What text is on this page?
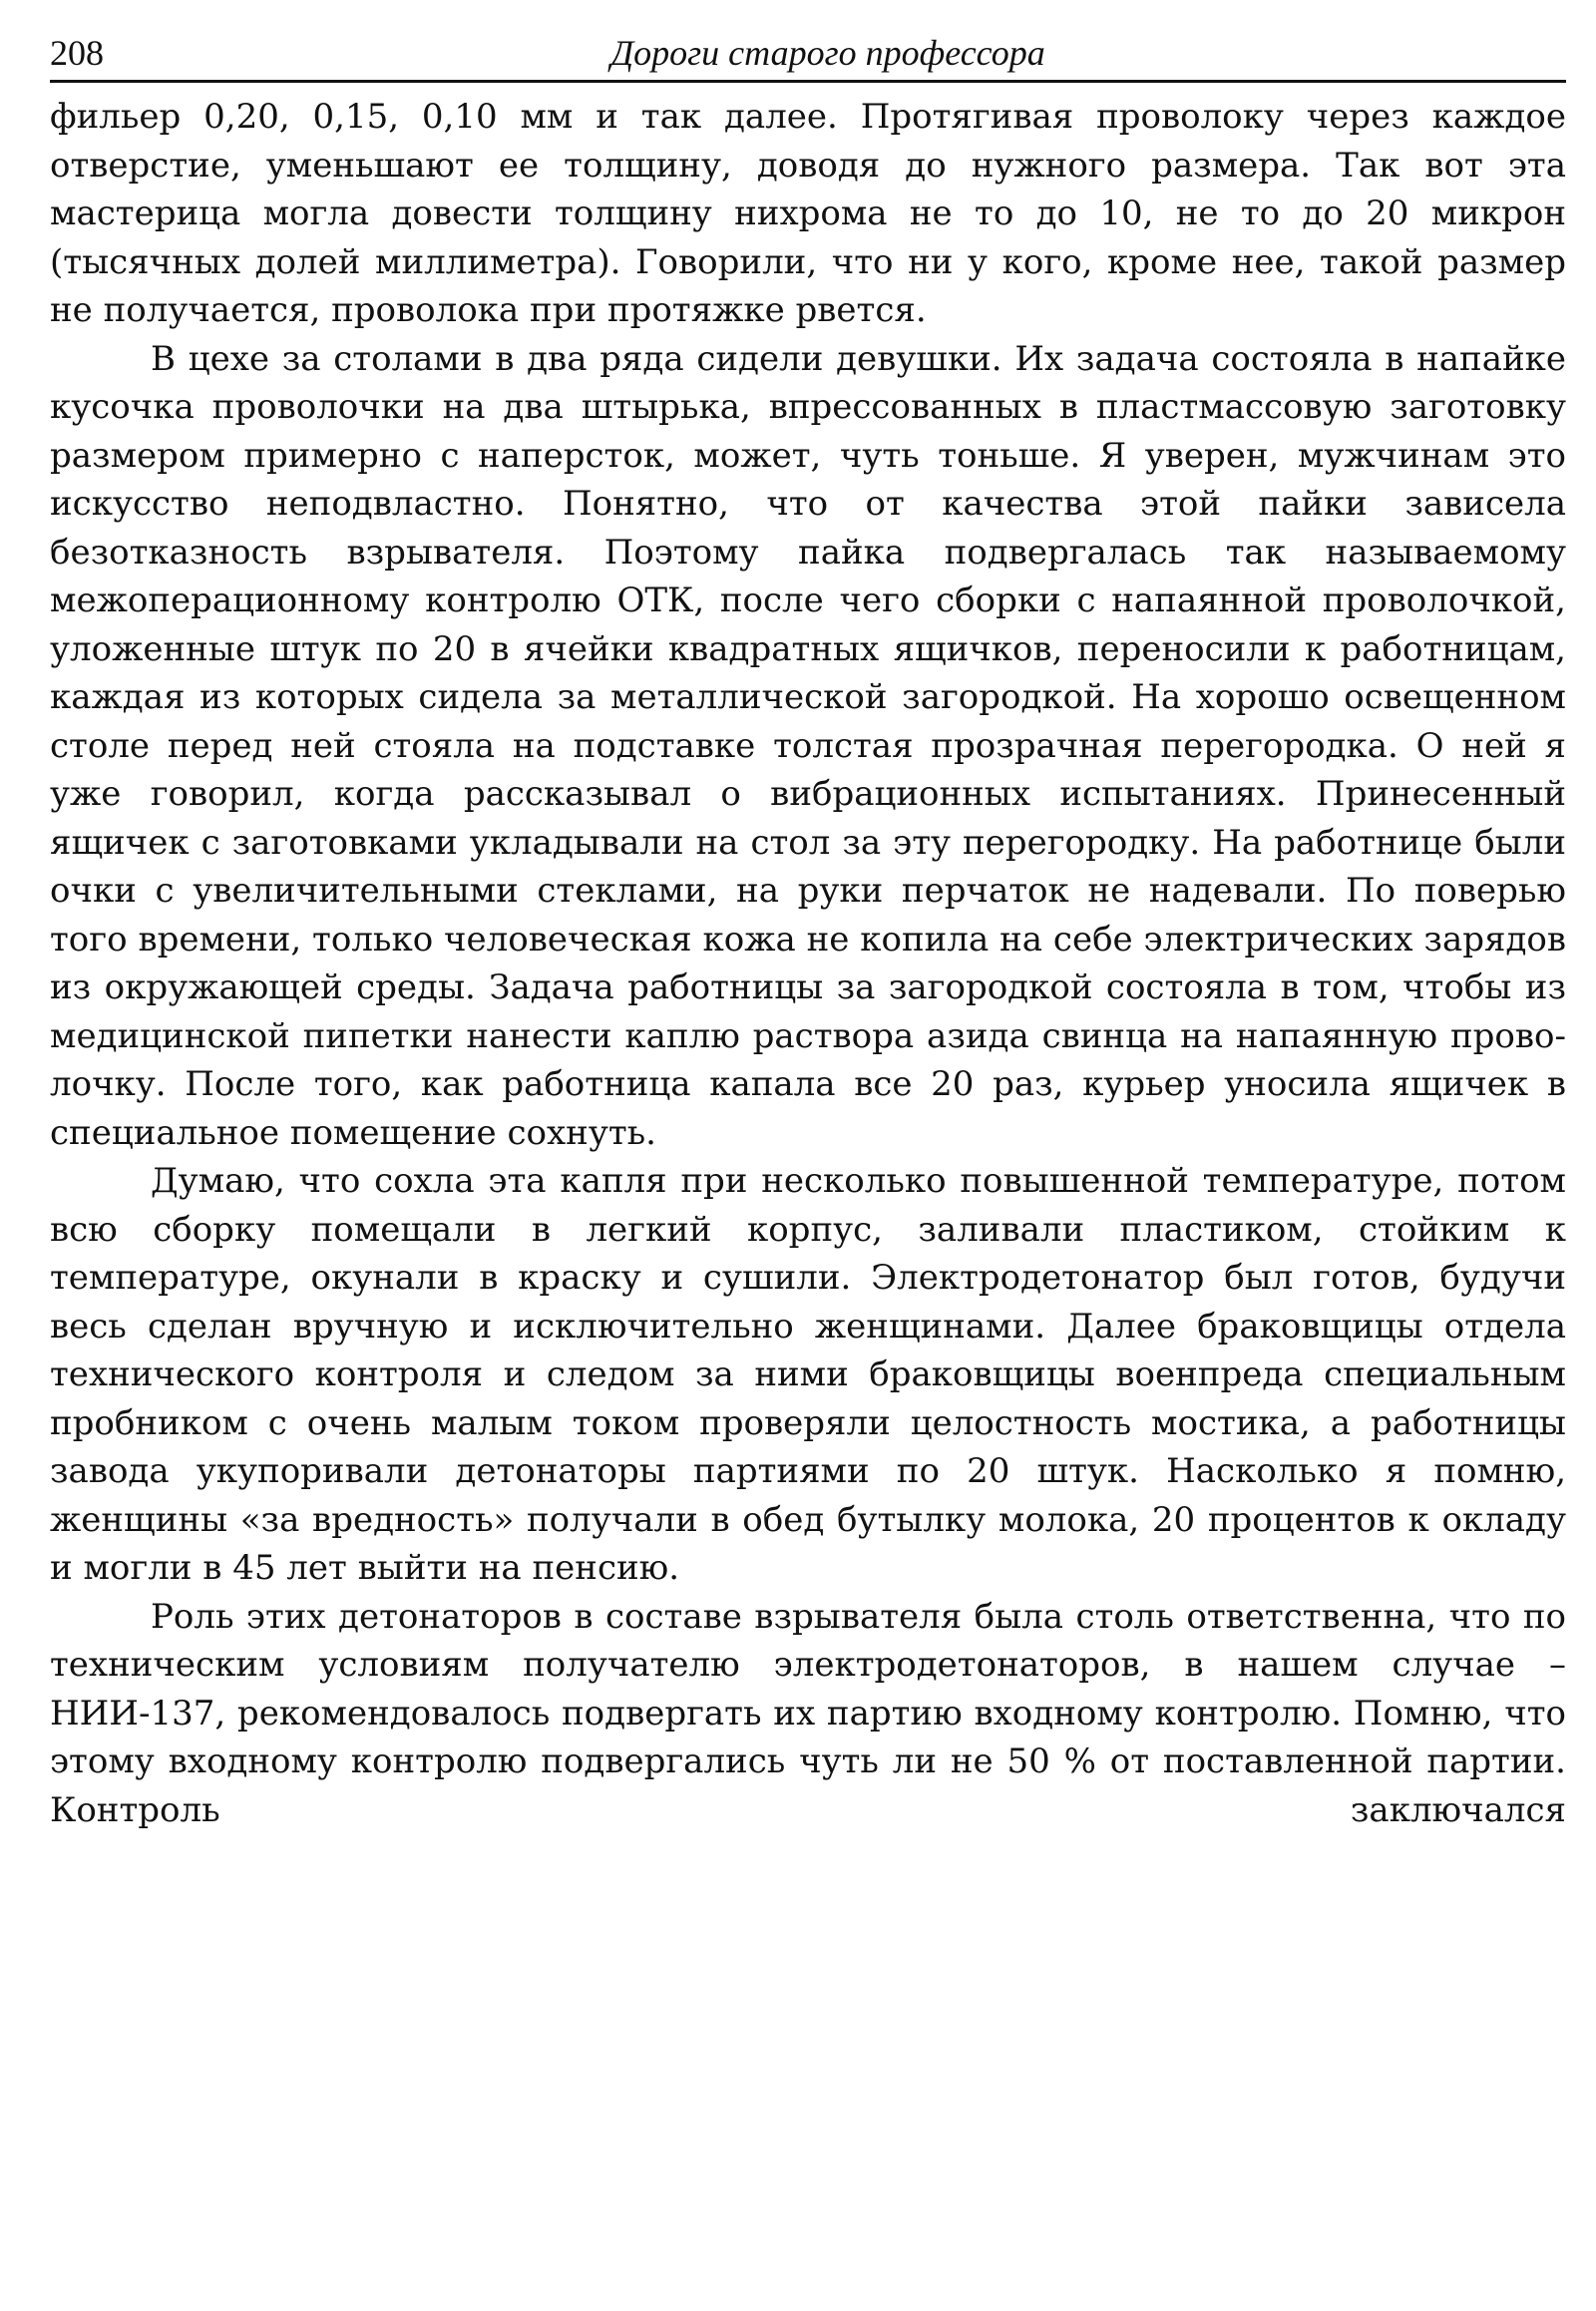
208	Дороги старого профессора

фильер 0,20, 0,15, 0,10 мм и так далее. Протягивая проволоку через каждое отверстие, уменьшают ее толщину, доводя до нужного размера. Так вот эта мастерица могла довести толщину нихрома не то до 10, не то до 20 микрон (тысячных долей миллиметра). Говорили, что ни у кого, кроме нее, такой размер не получается, проволока при протяжке рвется.

В цехе за столами в два ряда сидели девушки. Их задача состояла в напайке кусочка проволочки на два штырька, впрессованных в пластмассовую заготовку размером примерно с наперсток, может, чуть тоньше. Я уверен, мужчинам это искусство неподвластно. Понятно, что от качества этой пайки зависела безотказность взрывателя. Поэтому пайка подвергалась так называемому межоперационному контролю ОТК, после чего сборки с напаянной проволочкой, уложенные штук по 20 в ячейки квадратных ящичков, переносили к работницам, каждая из которых сидела за металлической загородкой. На хорошо освещенном столе перед ней стояла на подставке толстая прозрачная перегородка. О ней я уже говорил, когда рассказывал о вибрационных испытаниях. Принесенный ящичек с заготовками укладывали на стол за эту перегородку. На работнице были очки с увеличительными стеклами, на руки перчаток не надевали. По поверью того времени, только человеческая кожа не копила на себе электрических зарядов из окружающей среды. Задача работницы за загородкой состояла в том, чтобы из медицинской пипетки нанести каплю раствора азида свинца на напаянную проволочку. После того, как работница капала все 20 раз, курьер уносила ящичек в специальное помещение сохнуть.

Думаю, что сохла эта капля при несколько повышенной температуре, потом всю сборку помещали в легкий корпус, заливали пластиком, стойким к температуре, окунали в краску и сушили. Электродетонатор был готов, будучи весь сделан вручную и исключительно женщинами. Далее браковщицы отдела технического контроля и следом за ними браковщицы военпреда специальным пробником с очень малым током проверяли целостность мостика, а работницы завода укупоривали детонаторы партиями по 20 штук. Насколько я помню, женщины «за вредность» получали в обед бутылку молока, 20 процентов к окладу и могли в 45 лет выйти на пенсию.

Роль этих детонаторов в составе взрывателя была столь ответственна, что по техническим условиям получателю электродетонаторов, в нашем случае – НИИ-137, рекомендовалось подвергать их партию входному контролю. Помню, что этому входному контролю подвергались чуть ли не 50 % от поставленной партии. Контроль заключался
